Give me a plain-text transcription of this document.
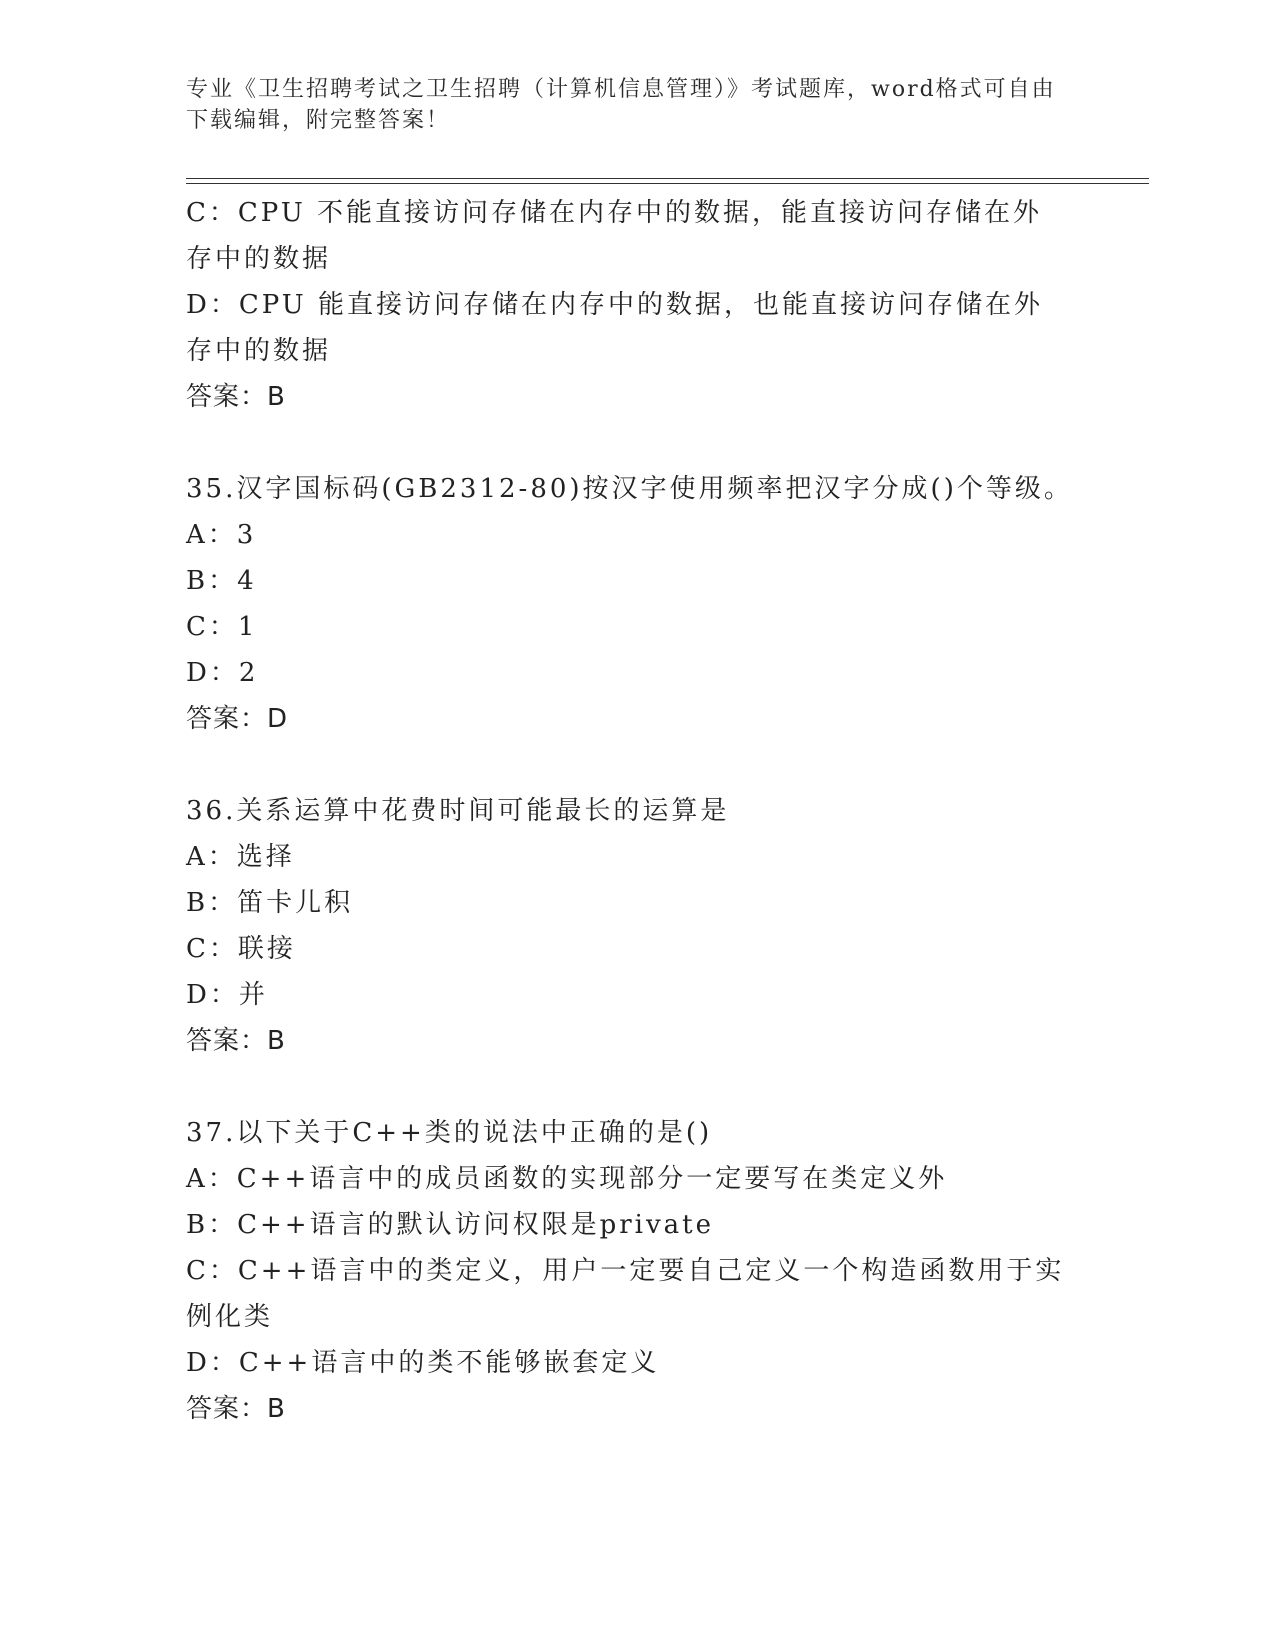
专业《卫生招聘考试之卫生招聘（计算机信息管理）》考试题库，word格式可自由下载编辑，附完整答案！
C：CPU 不能直接访问存储在内存中的数据，能直接访问存储在外存中的数据
D：CPU 能直接访问存储在内存中的数据，也能直接访问存储在外存中的数据
答案：B
35.汉字国标码(GB2312-80)按汉字使用频率把汉字分成()个等级。
A：3
B：4
C：1
D：2
答案：D
36.关系运算中花费时间可能最长的运算是
A：选择
B：笛卡儿积
C：联接
D：并
答案：B
37.以下关于C++类的说法中正确的是()
A：C++语言中的成员函数的实现部分一定要写在类定义外
B：C++语言的默认访问权限是private
C：C++语言中的类定义，用户一定要自己定义一个构造函数用于实例化类
D：C++语言中的类不能够嵌套定义
答案：B
